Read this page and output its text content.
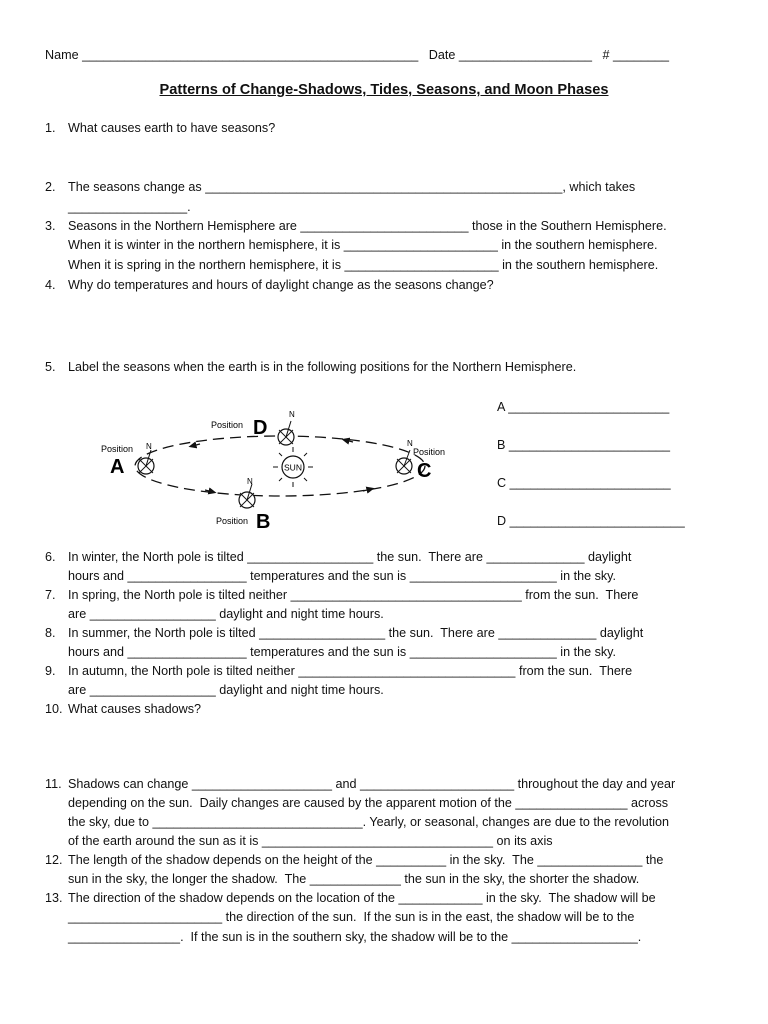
Name ________________________________________________   Date ___________________   # ________
Patterns of Change-Shadows, Tides, Seasons, and Moon Phases
1. What causes earth to have seasons?
2. The seasons change as ___________________________________________________, which takes
_________________.
3. Seasons in the Northern Hemisphere are ________________________ those in the Southern Hemisphere.
When it is winter in the northern hemisphere, it is ______________________ in the southern hemisphere.
When it is spring in the northern hemisphere, it is ______________________ in the southern hemisphere.
4. Why do temperatures and hours of daylight change as the seasons change?
5. Label the seasons when the earth is in the following positions for the Northern Hemisphere.
SUN
N
Position
A
N
Position B
N
Position
C
N
Position D
A _______________________
B _______________________
C _______________________
D _________________________
6. In winter, the North pole is tilted __________________ the sun.  There are ______________ daylight
hours and _________________ temperatures and the sun is _____________________ in the sky.
7. In spring, the North pole is tilted neither _________________________________ from the sun.  There
are __________________ daylight and night time hours.
8. In summer, the North pole is tilted __________________ the sun.  There are ______________ daylight
hours and _________________ temperatures and the sun is _____________________ in the sky.
9. In autumn, the North pole is tilted neither _______________________________ from the sun.  There
are __________________ daylight and night time hours.
10. What causes shadows?
11. Shadows can change ____________________ and ______________________ throughout the day and year
depending on the sun.  Daily changes are caused by the apparent motion of the ________________ across
the sky, due to ______________________________. Yearly, or seasonal, changes are due to the revolution
of the earth around the sun as it is _________________________________ on its axis
12. The length of the shadow depends on the height of the __________ in the sky.  The _______________ the
sun in the sky, the longer the shadow.  The _____________ the sun in the sky, the shorter the shadow.
13. The direction of the shadow depends on the location of the ____________ in the sky.  The shadow will be
______________________ the direction of the sun.  If the sun is in the east, the shadow will be to the
________________.  If the sun is in the southern sky, the shadow will be to the __________________.
